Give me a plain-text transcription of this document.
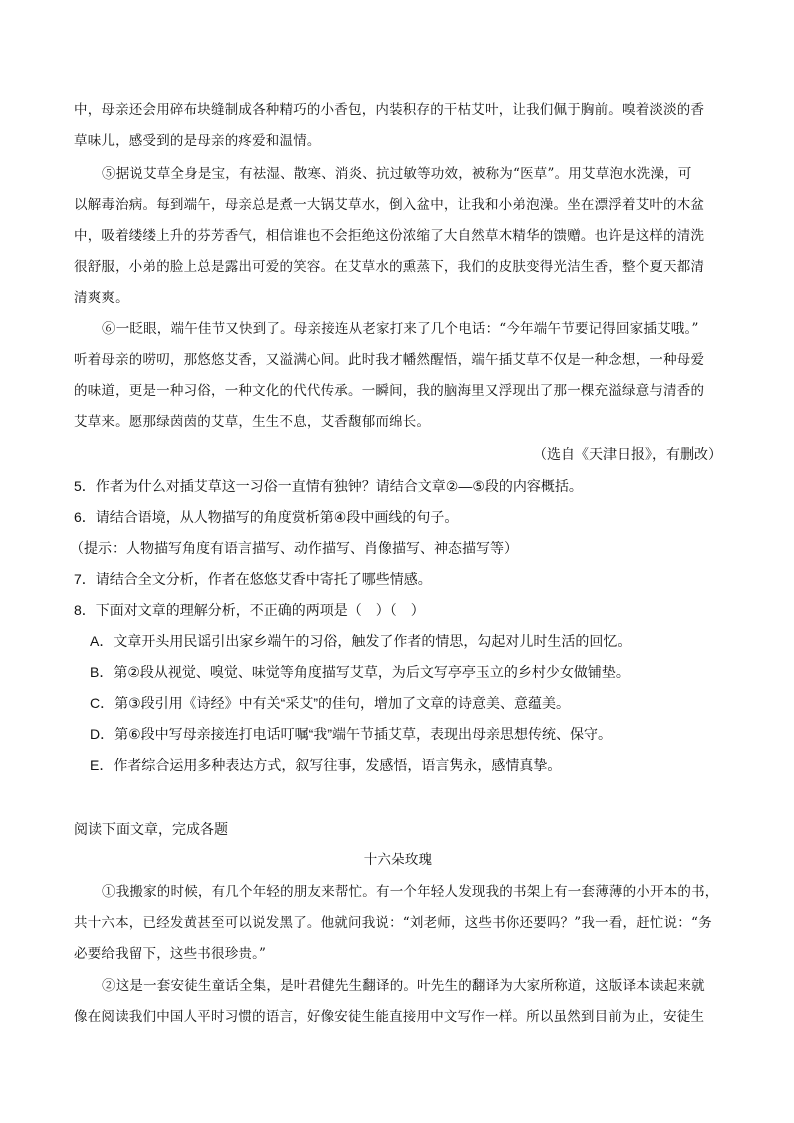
中，母亲还会用碎布块缝制成各种精巧的小香包，内装积存的干枯艾叶，让我们佩于胸前。嗅着淡淡的香
草味儿，感受到的是母亲的疼爱和温情。
⑤据说艾草全身是宝，有祛湿、散寒、消炎、抗过敏等功效，被称为“医草”。用艾草泡水洗澡，可
以解毒治病。每到端午，母亲总是煮一大锅艾草水，倒入盆中，让我和小弟泡澡。坐在漂浮着艾叶的木盆
中，吸着缕缕上升的芬芳香气，相信谁也不会拒绝这份浓缩了大自然草木精华的馈赠。也许是这样的清洗
很舒服，小弟的脸上总是露出可爱的笑容。在艾草水的熏蒸下，我们的皮肤变得光洁生香，整个夏天都清
清爽爽。
⑥一眨眼，端午佳节又快到了。母亲接连从老家打来了几个电话：“今年端午节要记得回家插艾哦。”
听着母亲的唠叨，那悠悠艾香，又溢满心间。此时我才幡然醒悟，端午插艾草不仅是一种念想，一种母爱
的味道，更是一种习俗，一种文化的代代传承。一瞬间，我的脑海里又浮现出了那一棵充溢绿意与清香的
艾草来。愿那绿茵茵的艾草，生生不息，艾香馥郁而绵长。
（选自《天津日报》，有删改）
5．作者为什么对插艾草这一习俗一直情有独钟？请结合文章②—⑤段的内容概括。
6．请结合语境，从人物描写的角度赏析第④段中画线的句子。
（提示：人物描写角度有语言描写、动作描写、肖像描写、神态描写等）
7．请结合全文分析，作者在悠悠艾香中寄托了哪些情感。
8．下面对文章的理解分析，不正确的两项是（　）（　）
A．文章开头用民谣引出家乡端午的习俗，触发了作者的情思，勾起对儿时生活的回忆。
B．第②段从视觉、嗅觉、味觉等角度描写艾草，为后文写亭亭玉立的乡村少女做铺垫。
C．第③段引用《诗经》中有关“采艾”的佳句，增加了文章的诗意美、意蕴美。
D．第⑥段中写母亲接连打电话叮嘱“我”端午节插艾草，表现出母亲思想传统、保守。
E．作者综合运用多种表达方式，叙写往事，发感悟，语言隽永，感情真挚。
阅读下面文章，完成各题
十六朵玫瑰
①我搬家的时候，有几个年轻的朋友来帮忙。有一个年轻人发现我的书架上有一套薄薄的小开本的书，
共十六本，已经发黄甚至可以说发黑了。他就问我说：“刘老师，这些书你还要吗？”我一看，赶忙说：“务
必要给我留下，这些书很珍贵。”
②这是一套安徒生童话全集，是叶君健先生翻译的。叶先生的翻译为大家所称道，这版译本读起来就
像在阅读我们中国人平时习惯的语言，好像安徒生能直接用中文写作一样。所以虽然到目前为止，安徒生
